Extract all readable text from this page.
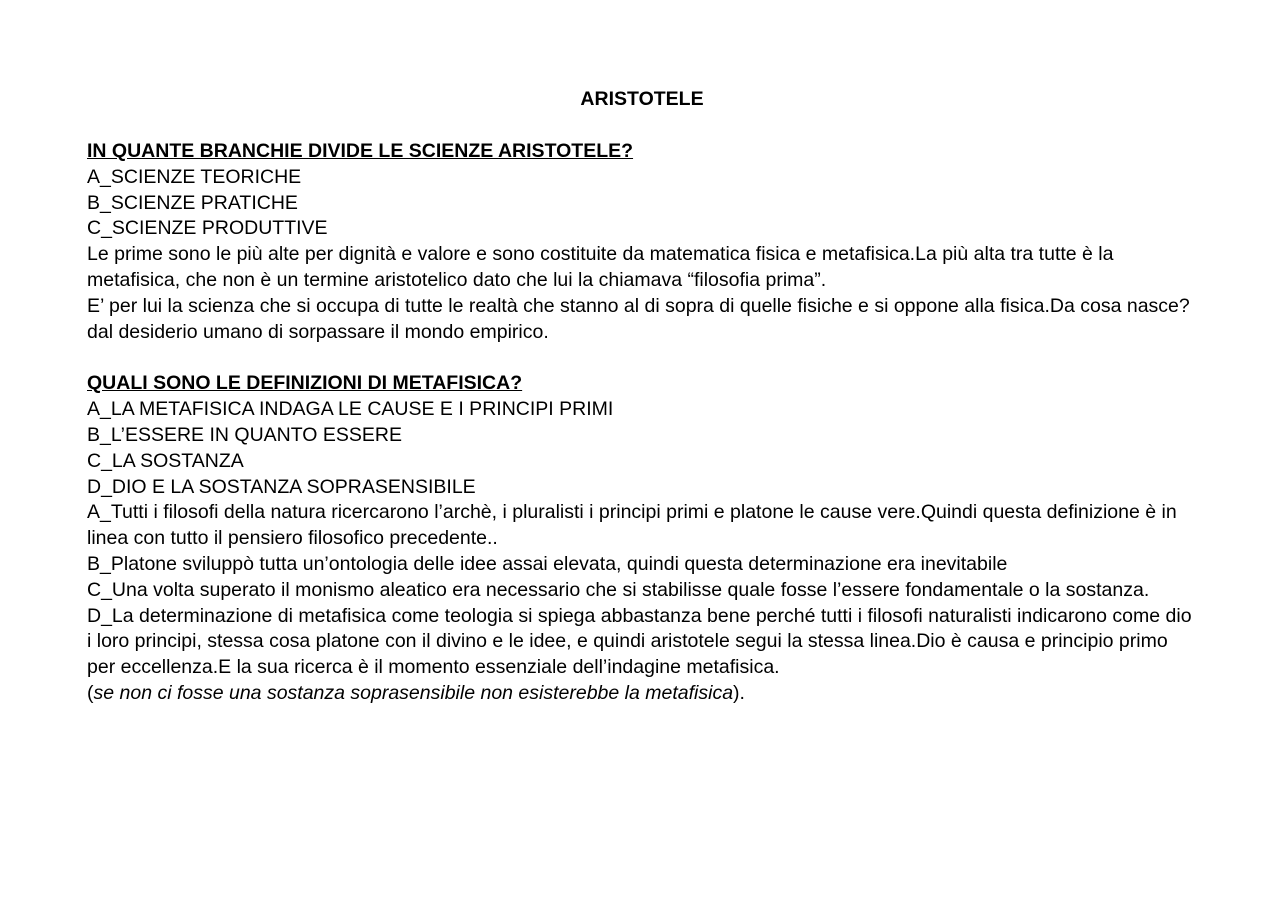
ARISTOTELE

IN QUANTE BRANCHIE DIVIDE LE SCIENZE ARISTOTELE?

A_SCIENZE TEORICHE

B_SCIENZE PRATICHE

C_SCIENZE PRODUTTIVE

Le prime sono le più alte per dignità e valore e sono costituite da matematica fisica e metafisica.La più alta tra tutte è la metafisica, che non è un termine aristotelico dato che lui la chiamava “filosofia prima”.

E’ per lui la scienza che si occupa di tutte le realtà che stanno al di sopra di quelle fisiche e si oppone alla fisica.Da cosa nasce? dal desiderio umano di sorpassare il mondo empirico.

QUALI SONO LE DEFINIZIONI DI METAFISICA?

A_LA METAFISICA INDAGA LE CAUSE E I PRINCIPI PRIMI

B_L’ESSERE IN QUANTO ESSERE

C_LA SOSTANZA

D_DIO E LA SOSTANZA SOPRASENSIBILE

A_Tutti i filosofi della natura ricercarono l’archè, i pluralisti i principi primi e platone le cause vere.Quindi questa definizione è in linea con tutto il pensiero filosofico precedente..

B_Platone sviluppò tutta un’ontologia delle idee assai elevata, quindi questa determinazione era inevitabile

C_Una volta superato il monismo aleatico era necessario che si stabilisse quale fosse l’essere fondamentale o la sostanza.

D_La determinazione di metafisica come teologia si spiega abbastanza bene perché tutti i filosofi naturalisti indicarono come dio i loro principi, stessa cosa platone con il divino e le idee, e quindi aristotele segui la stessa linea.Dio è causa e principio primo per eccellenza.E la sua ricerca è il momento essenziale dell’indagine metafisica.

(se non ci fosse una sostanza soprasensibile non esisterebbe la metafisica).
